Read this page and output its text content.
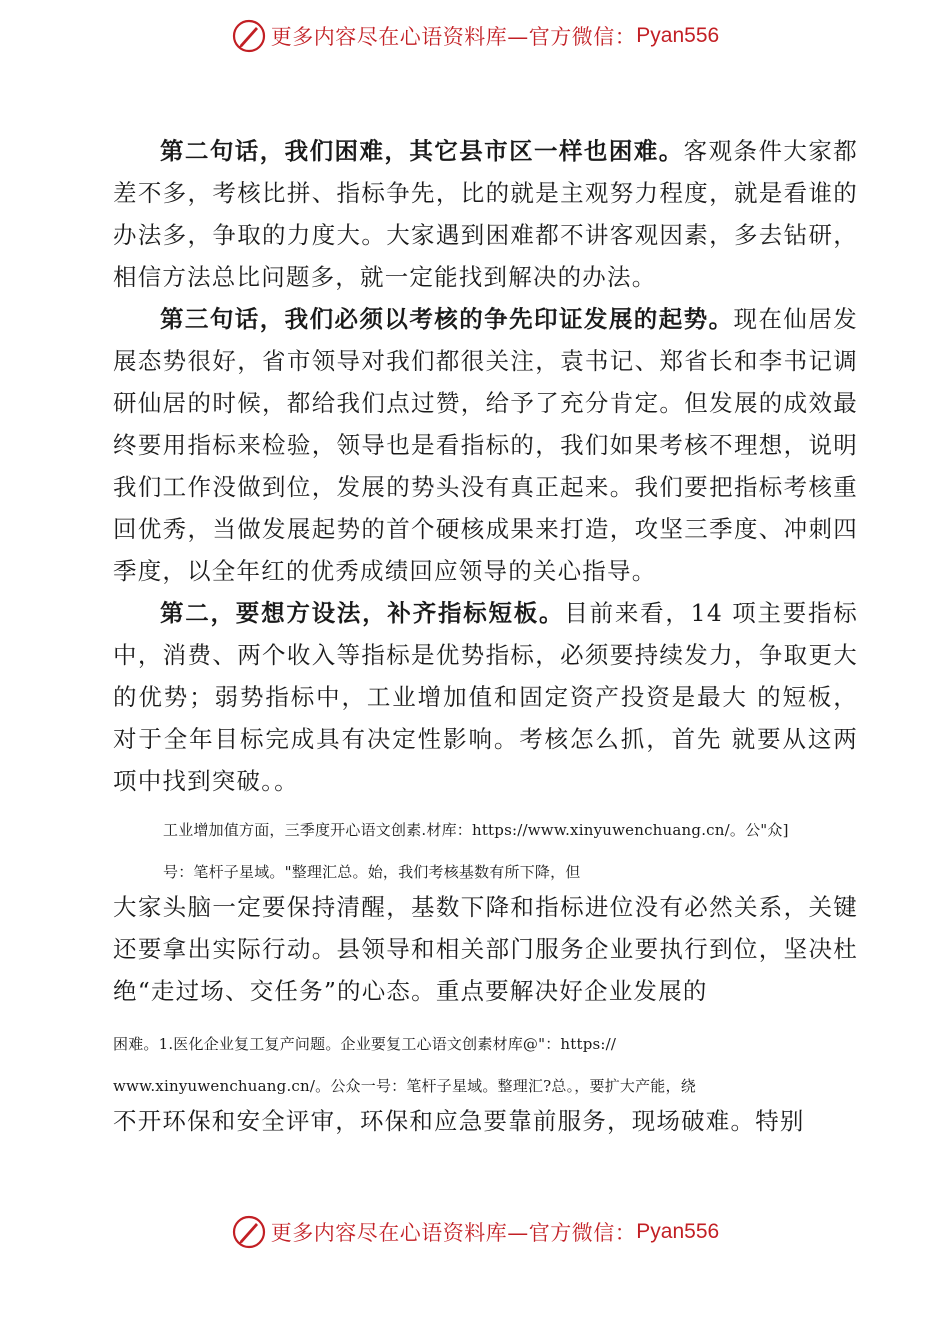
更多内容尽在心语资料库—官方微信： Pyan556

第二句话，我们困难，其它县市区一样也困难。客观条件大家都差不多，考核比拼、指标争先，比的就是主观努力程度，就是看谁的办法多，争取的力度大。大家遇到困难都不讲客观因素，多去钻研，相信方法总比问题多，就一定能找到解决的办法。

第三句话，我们必须以考核的争先印证发展的起势。现在仙居发展态势很好，省市领导对我们都很关注，袁书记、郑省长和李书记调研仙居的时候，都给我们点过赞，给予了充分肯定。但发展的成效最终要用指标来检验，领导也是看指标的，我们如果考核不理想，说明我们工作没做到位，发展的势头没有真正起来。我们要把指标考核重回优秀，当做发展起势的首个硬核成果来打造，攻坚三季度、冲刺四季度，以全年红的优秀成绩回应领导的关心指导。

第二，要想方设法，补齐指标短板。目前来看，14 项主要指标中，消费、两个收入等指标是优势指标，必须要持续发力，争取更大的优势；弱势指标中，工业增加值和固定资产投资是最大 的短板，对于全年目标完成具有决定性影响。考核怎么抓，首先 就要从这两项中找到突破。。

工业增加值方面，三季度开心语文创素.材库：https://www.xinyuwenchuang.cn/。公"众]

号：笔杆子星域。"整理汇总。始，我们考核基数有所下降，但

大家头脑一定要保持清醒，基数下降和指标进位没有必然关系，关键还要拿出实际行动。县领导和相关部门服务企业要执行到位，坚决杜绝“走过场、交任务”的心态。重点要解决好企业发展的

困难。1.医化企业复工复产问题。企业要复工心语文创素材库@"：https://

www.xinyuwenchuang.cn/。公众一号：笔杆子星域。整理汇?总。，要扩大产能，绕

不开环保和安全评审，环保和应急要靠前服务，现场破难。特别

更多内容尽在心语资料库—官方微信： Pyan556
